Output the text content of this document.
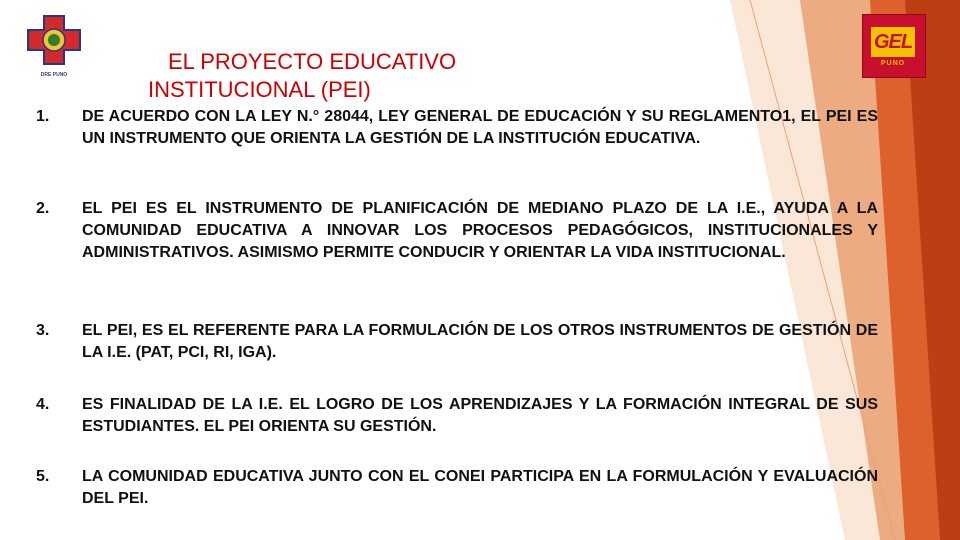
DRE PUNO
GEL
PUNO
EL PROYECTO EDUCATIVO
INSTITUCIONAL (PEI)
1.	DE ACUERDO CON LA LEY N.° 28044, LEY GENERAL DE EDUCACIÓN Y SU REGLAMENTO1, EL PEI ES UN INSTRUMENTO QUE ORIENTA LA GESTIÓN DE LA INSTITUCIÓN EDUCATIVA.
2.	EL PEI ES EL INSTRUMENTO DE PLANIFICACIÓN DE MEDIANO PLAZO DE LA I.E., AYUDA A LA COMUNIDAD EDUCATIVA A INNOVAR LOS PROCESOS PEDAGÓGICOS, INSTITUCIONALES Y ADMINISTRATIVOS. ASIMISMO PERMITE CONDUCIR Y ORIENTAR LA VIDA INSTITUCIONAL.
3.	EL PEI, ES EL REFERENTE PARA LA FORMULACIÓN DE LOS OTROS INSTRUMENTOS DE GESTIÓN DE LA I.E. (PAT, PCI, RI, IGA).
4.	ES FINALIDAD DE LA I.E. EL LOGRO DE LOS APRENDIZAJES Y LA FORMACIÓN INTEGRAL DE SUS ESTUDIANTES. EL PEI ORIENTA SU GESTIÓN.
5.	LA COMUNIDAD EDUCATIVA JUNTO CON EL CONEI PARTICIPA EN LA FORMULACIÓN Y EVALUACIÓN DEL PEI.
